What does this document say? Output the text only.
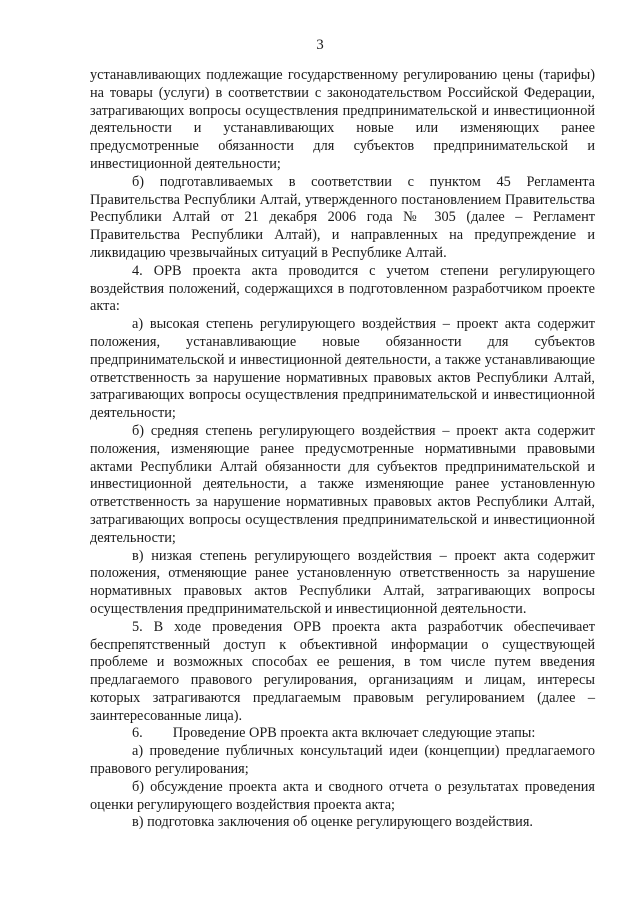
3

устанавливающих подлежащие государственному регулированию цены (тарифы) на товары (услуги) в соответствии с законодательством Российской Федерации, затрагивающих вопросы осуществления предпринимательской и инвестиционной деятельности и устанавливающих новые или изменяющих ранее предусмотренные обязанности для субъектов предпринимательской и инвестиционной деятельности;

б) подготавливаемых в соответствии с пунктом 45 Регламента Правительства Республики Алтай, утвержденного постановлением Правительства Республики Алтай от 21 декабря 2006 года № 305 (далее – Регламент Правительства Республики Алтай), и направленных на предупреждение и ликвидацию чрезвычайных ситуаций в Республике Алтай.

4. ОРВ проекта акта проводится с учетом степени регулирующего воздействия положений, содержащихся в подготовленном разработчиком проекте акта:

а) высокая степень регулирующего воздействия – проект акта содержит положения, устанавливающие новые обязанности для субъектов предпринимательской и инвестиционной деятельности, а также устанавливающие ответственность за нарушение нормативных правовых актов Республики Алтай, затрагивающих вопросы осуществления предпринимательской и инвестиционной деятельности;

б) средняя степень регулирующего воздействия – проект акта содержит положения, изменяющие ранее предусмотренные нормативными правовыми актами Республики Алтай обязанности для субъектов предпринимательской и инвестиционной деятельности, а также изменяющие ранее установленную ответственность за нарушение нормативных правовых актов Республики Алтай, затрагивающих вопросы осуществления предпринимательской и инвестиционной деятельности;

в) низкая степень регулирующего воздействия – проект акта содержит положения, отменяющие ранее установленную ответственность за нарушение нормативных правовых актов Республики Алтай, затрагивающих вопросы осуществления предпринимательской и инвестиционной деятельности.

5. В ходе проведения ОРВ проекта акта разработчик обеспечивает беспрепятственный доступ к объективной информации о существующей проблеме и возможных способах ее решения, в том числе путем введения предлагаемого правового регулирования, организациям и лицам, интересы которых затрагиваются предлагаемым правовым регулированием (далее – заинтересованные лица).

6. Проведение ОРВ проекта акта включает следующие этапы:

а) проведение публичных консультаций идеи (концепции) предлагаемого правового регулирования;

б) обсуждение проекта акта и сводного отчета о результатах проведения оценки регулирующего воздействия проекта акта;

в) подготовка заключения об оценке регулирующего воздействия.
